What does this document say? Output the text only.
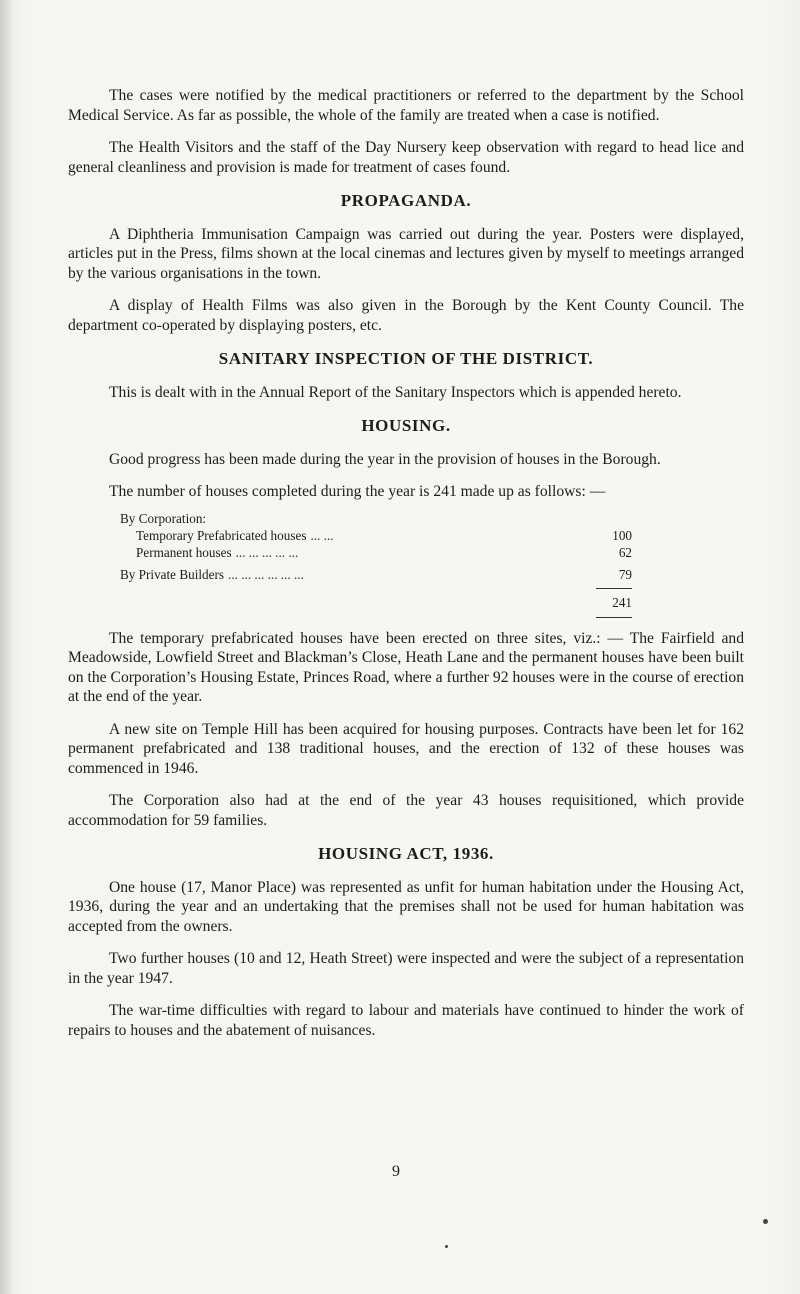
The cases were notified by the medical practitioners or referred to the department by the School Medical Service. As far as possible, the whole of the family are treated when a case is notified.

The Health Visitors and the staff of the Day Nursery keep observation with regard to head lice and general cleanliness and provision is made for treatment of cases found.

PROPAGANDA.

A Diphtheria Immunisation Campaign was carried out during the year. Posters were displayed, articles put in the Press, films shown at the local cinemas and lectures given by myself to meetings arranged by the various organisations in the town.

A display of Health Films was also given in the Borough by the Kent County Council. The department co-operated by displaying posters, etc.

SANITARY INSPECTION OF THE DISTRICT.

This is dealt with in the Annual Report of the Sanitary Inspectors which is appended hereto.

HOUSING.

Good progress has been made during the year in the provision of houses in the Borough.

The number of houses completed during the year is 241 made up as follows: —

By Corporation:
Temporary Prefabricated houses ... ...	100
Permanent houses ... ... ... ... ...	62
By Private Builders ... ... ... ... ... ...	79
241

The temporary prefabricated houses have been erected on three sites, viz.: — The Fairfield and Meadowside, Lowfield Street and Blackman’s Close, Heath Lane and the permanent houses have been built on the Corporation’s Housing Estate, Princes Road, where a further 92 houses were in the course of erection at the end of the year.

A new site on Temple Hill has been acquired for housing purposes. Contracts have been let for 162 permanent prefabricated and 138 traditional houses, and the erection of 132 of these houses was commenced in 1946.

The Corporation also had at the end of the year 43 houses requisitioned, which provide accommodation for 59 families.

HOUSING ACT, 1936.

One house (17, Manor Place) was represented as unfit for human habitation under the Housing Act, 1936, during the year and an undertaking that the premises shall not be used for human habitation was accepted from the owners.

Two further houses (10 and 12, Heath Street) were inspected and were the subject of a representation in the year 1947.

The war-time difficulties with regard to labour and materials have continued to hinder the work of repairs to houses and the abatement of nuisances.

9
